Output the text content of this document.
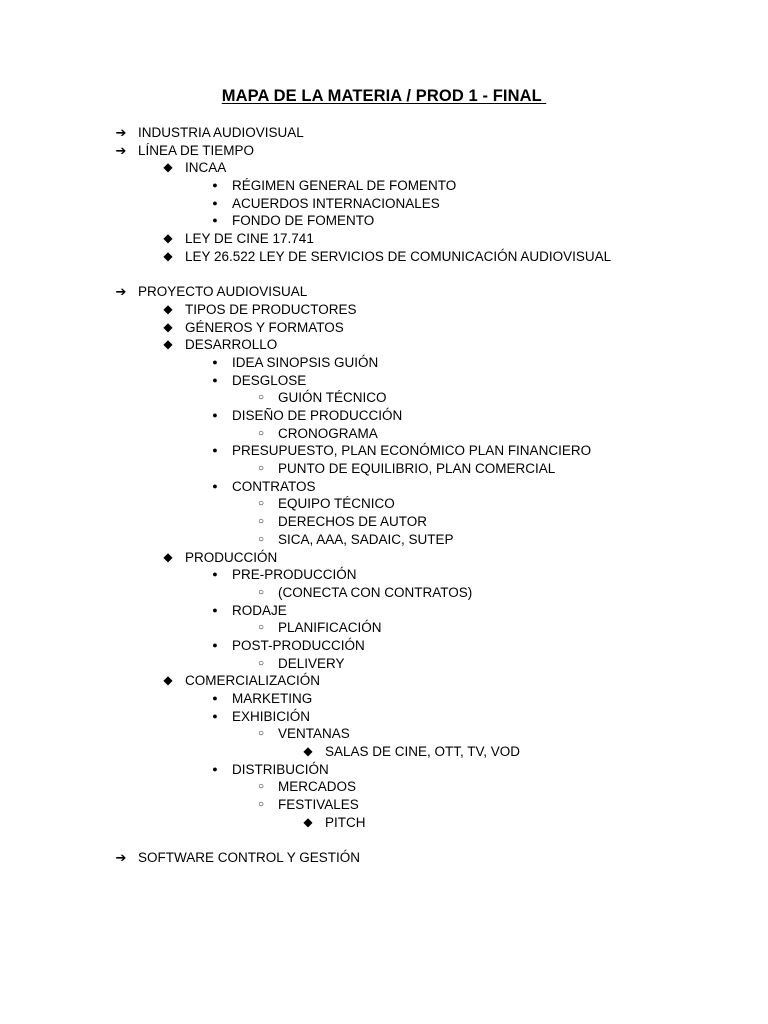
MAPA DE LA MATERIA / PROD 1 - FINAL
➔ INDUSTRIA AUDIOVISUAL
➔ LÍNEA DE TIEMPO
◆ INCAA
●	RÉGIMEN GENERAL DE FOMENTO
●	ACUERDOS INTERNACIONALES
●	FONDO DE FOMENTO
◆ LEY DE CINE 17.741
◆ LEY 26.522 LEY DE SERVICIOS DE COMUNICACIÓN AUDIOVISUAL
➔ PROYECTO AUDIOVISUAL
◆ TIPOS DE PRODUCTORES
◆ GÉNEROS Y FORMATOS
◆ DESARROLLO
●	IDEA SINOPSIS GUIÓN
●	DESGLOSE
○	GUIÓN TÉCNICO
●	DISEÑO DE PRODUCCIÓN
○	CRONOGRAMA
●	PRESUPUESTO, PLAN ECONÓMICO PLAN FINANCIERO
○	PUNTO DE EQUILIBRIO, PLAN COMERCIAL
●	CONTRATOS
○	EQUIPO TÉCNICO
○	DERECHOS DE AUTOR
○	SICA, AAA, SADAIC, SUTEP
◆ PRODUCCIÓN
●	PRE-PRODUCCIÓN
○	(CONECTA CON CONTRATOS)
●	RODAJE
○	PLANIFICACIÓN
●	POST-PRODUCCIÓN
○	DELIVERY
◆ COMERCIALIZACIÓN
●	MARKETING
●	EXHIBICIÓN
○	VENTANAS
◆ SALAS DE CINE, OTT, TV, VOD
●	DISTRIBUCIÓN
○	MERCADOS
○	FESTIVALES
◆ PITCH
➔ SOFTWARE CONTROL Y GESTIÓN
